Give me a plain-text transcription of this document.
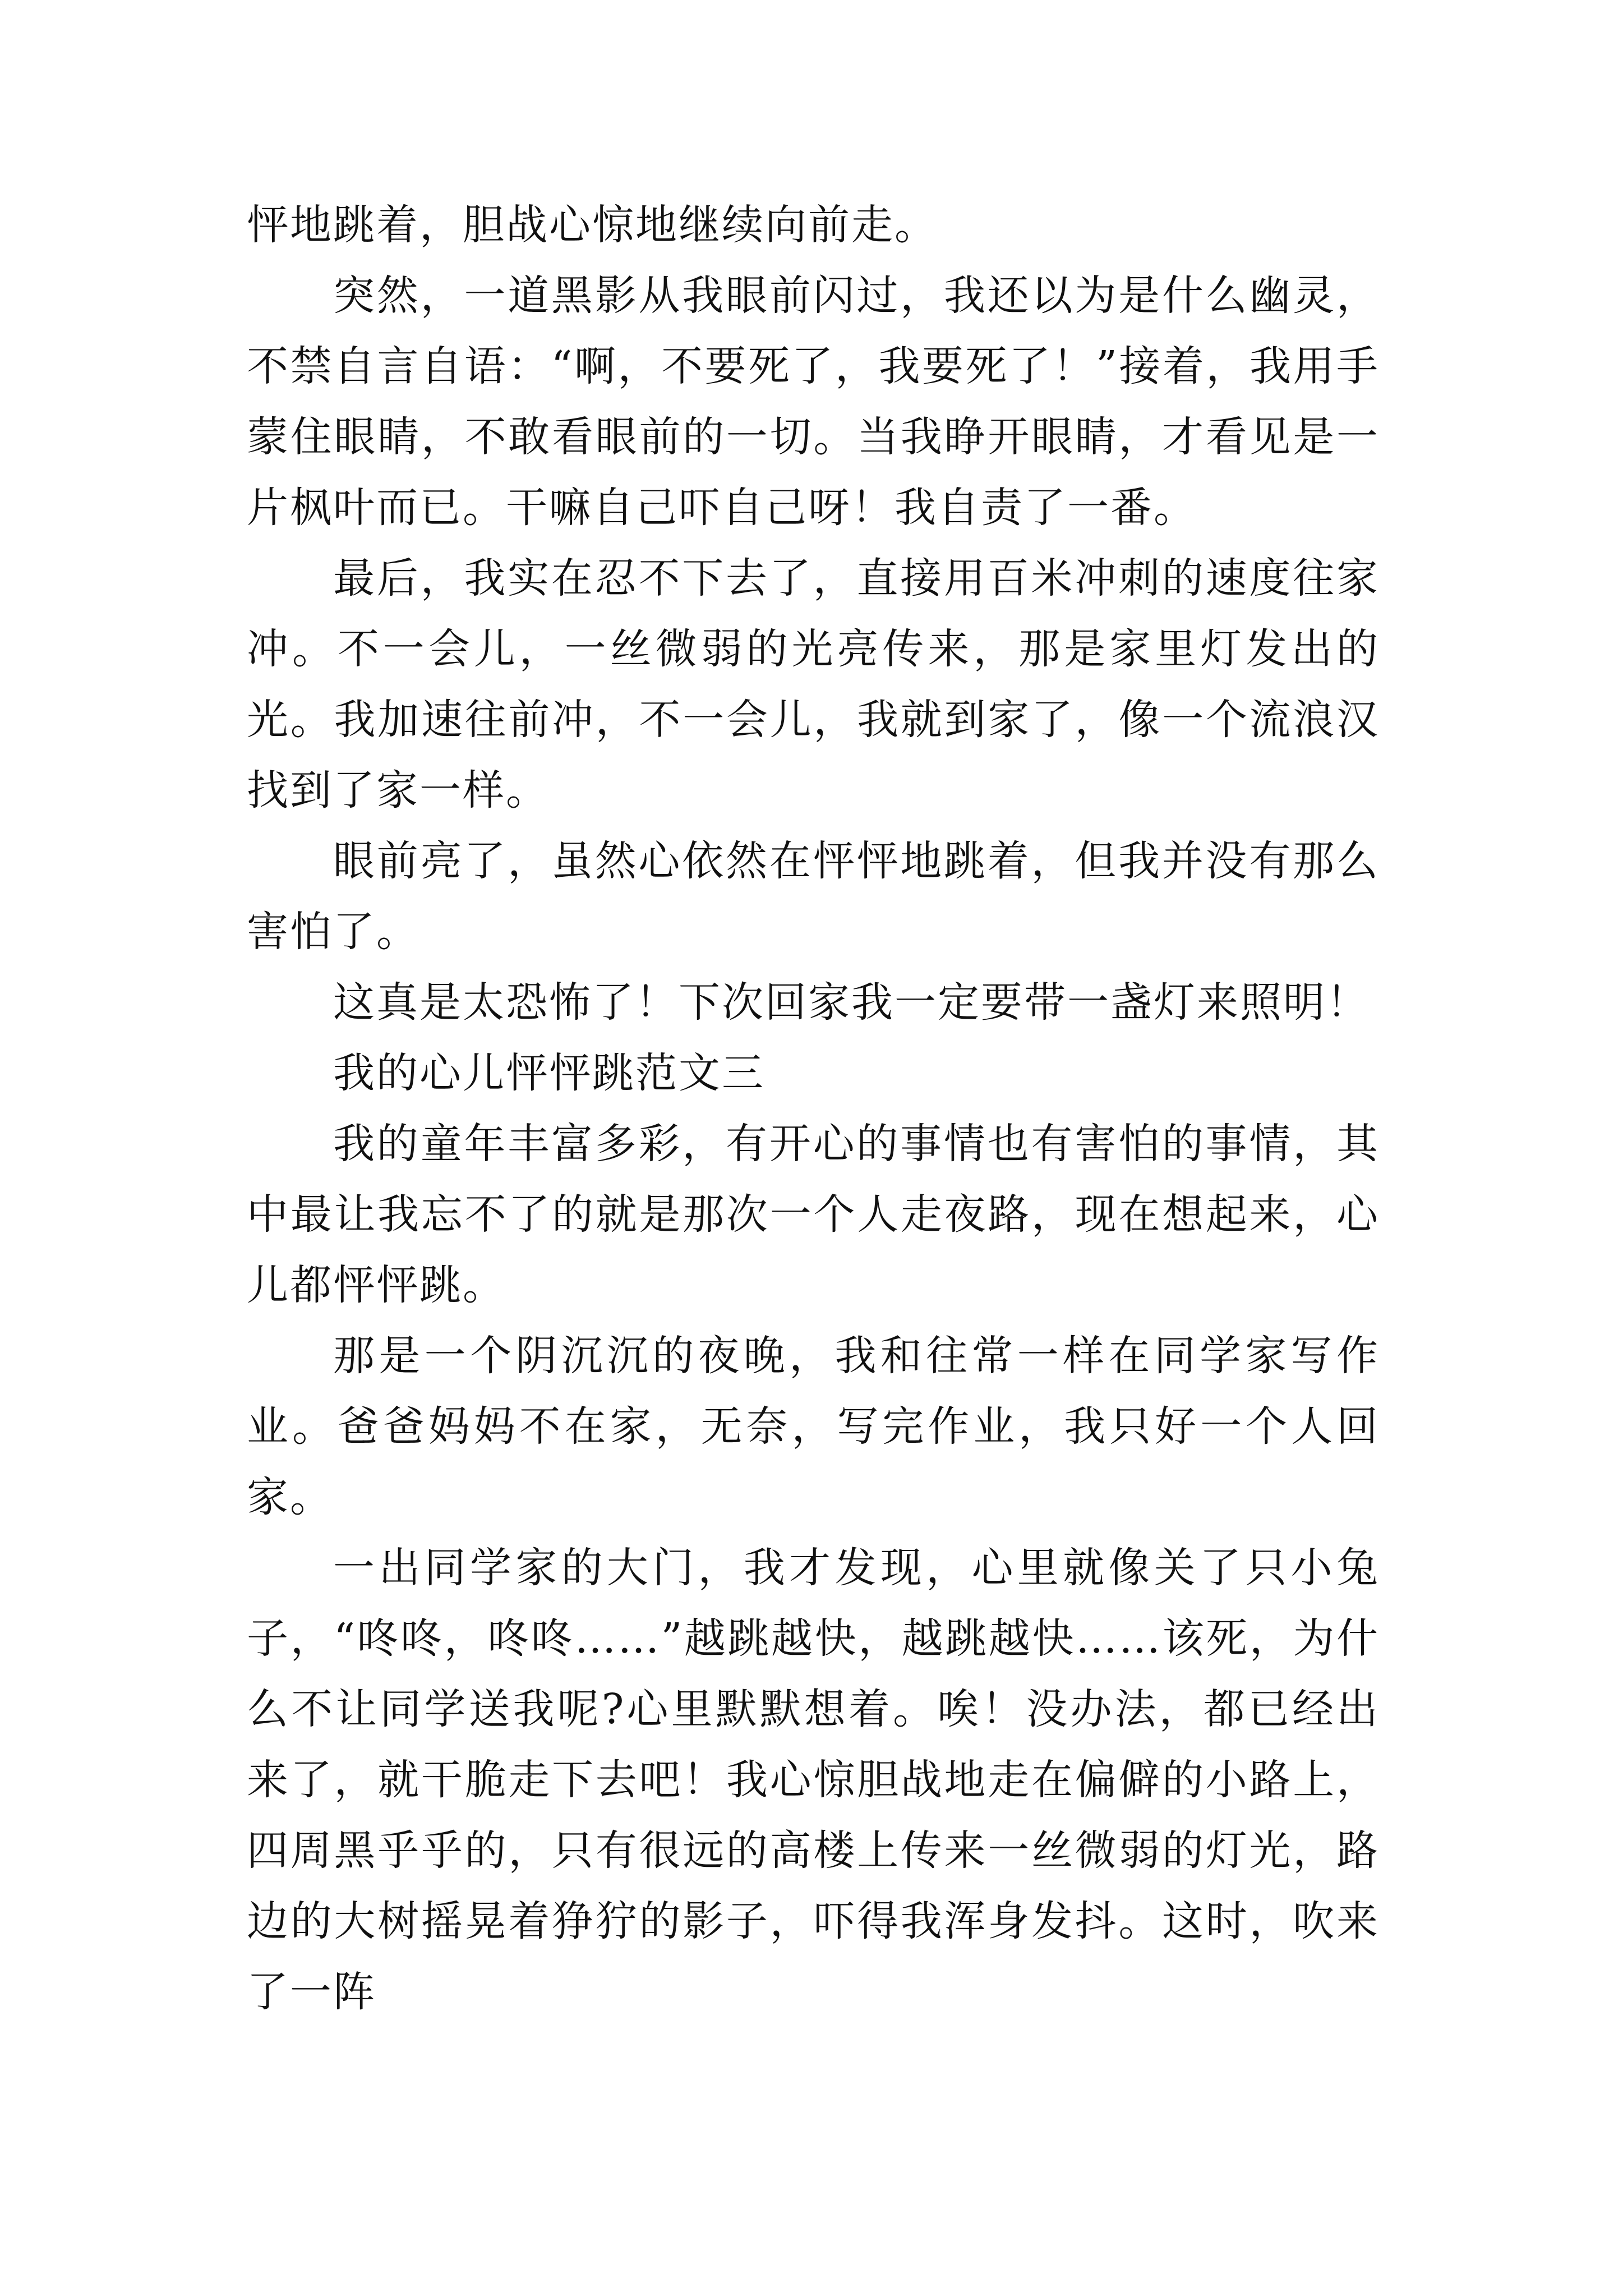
怦地跳着，胆战心惊地继续向前走。

突然，一道黑影从我眼前闪过，我还以为是什么幽灵，不禁自言自语：“啊，不要死了，我要死了！”接着，我用手蒙住眼睛，不敢看眼前的一切。当我睁开眼睛，才看见是一片枫叶而已。干嘛自己吓自己呀！我自责了一番。

最后，我实在忍不下去了，直接用百米冲刺的速度往家冲。不一会儿，一丝微弱的光亮传来，那是家里灯发出的光。我加速往前冲，不一会儿，我就到家了，像一个流浪汉找到了家一样。

眼前亮了，虽然心依然在怦怦地跳着，但我并没有那么害怕了。

这真是太恐怖了！下次回家我一定要带一盏灯来照明！

我的心儿怦怦跳范文三

我的童年丰富多彩，有开心的事情也有害怕的事情，其中最让我忘不了的就是那次一个人走夜路，现在想起来，心儿都怦怦跳。

那是一个阴沉沉的夜晚，我和往常一样在同学家写作业。爸爸妈妈不在家，无奈，写完作业，我只好一个人回家。

一出同学家的大门，我才发现，心里就像关了只小兔子，“咚咚，咚咚……”越跳越快，越跳越快……该死，为什么不让同学送我呢?心里默默想着。唉！没办法，都已经出来了，就干脆走下去吧！我心惊胆战地走在偏僻的小路上，四周黑乎乎的，只有很远的高楼上传来一丝微弱的灯光，路边的大树摇晃着狰狞的影子，吓得我浑身发抖。这时，吹来了一阵
